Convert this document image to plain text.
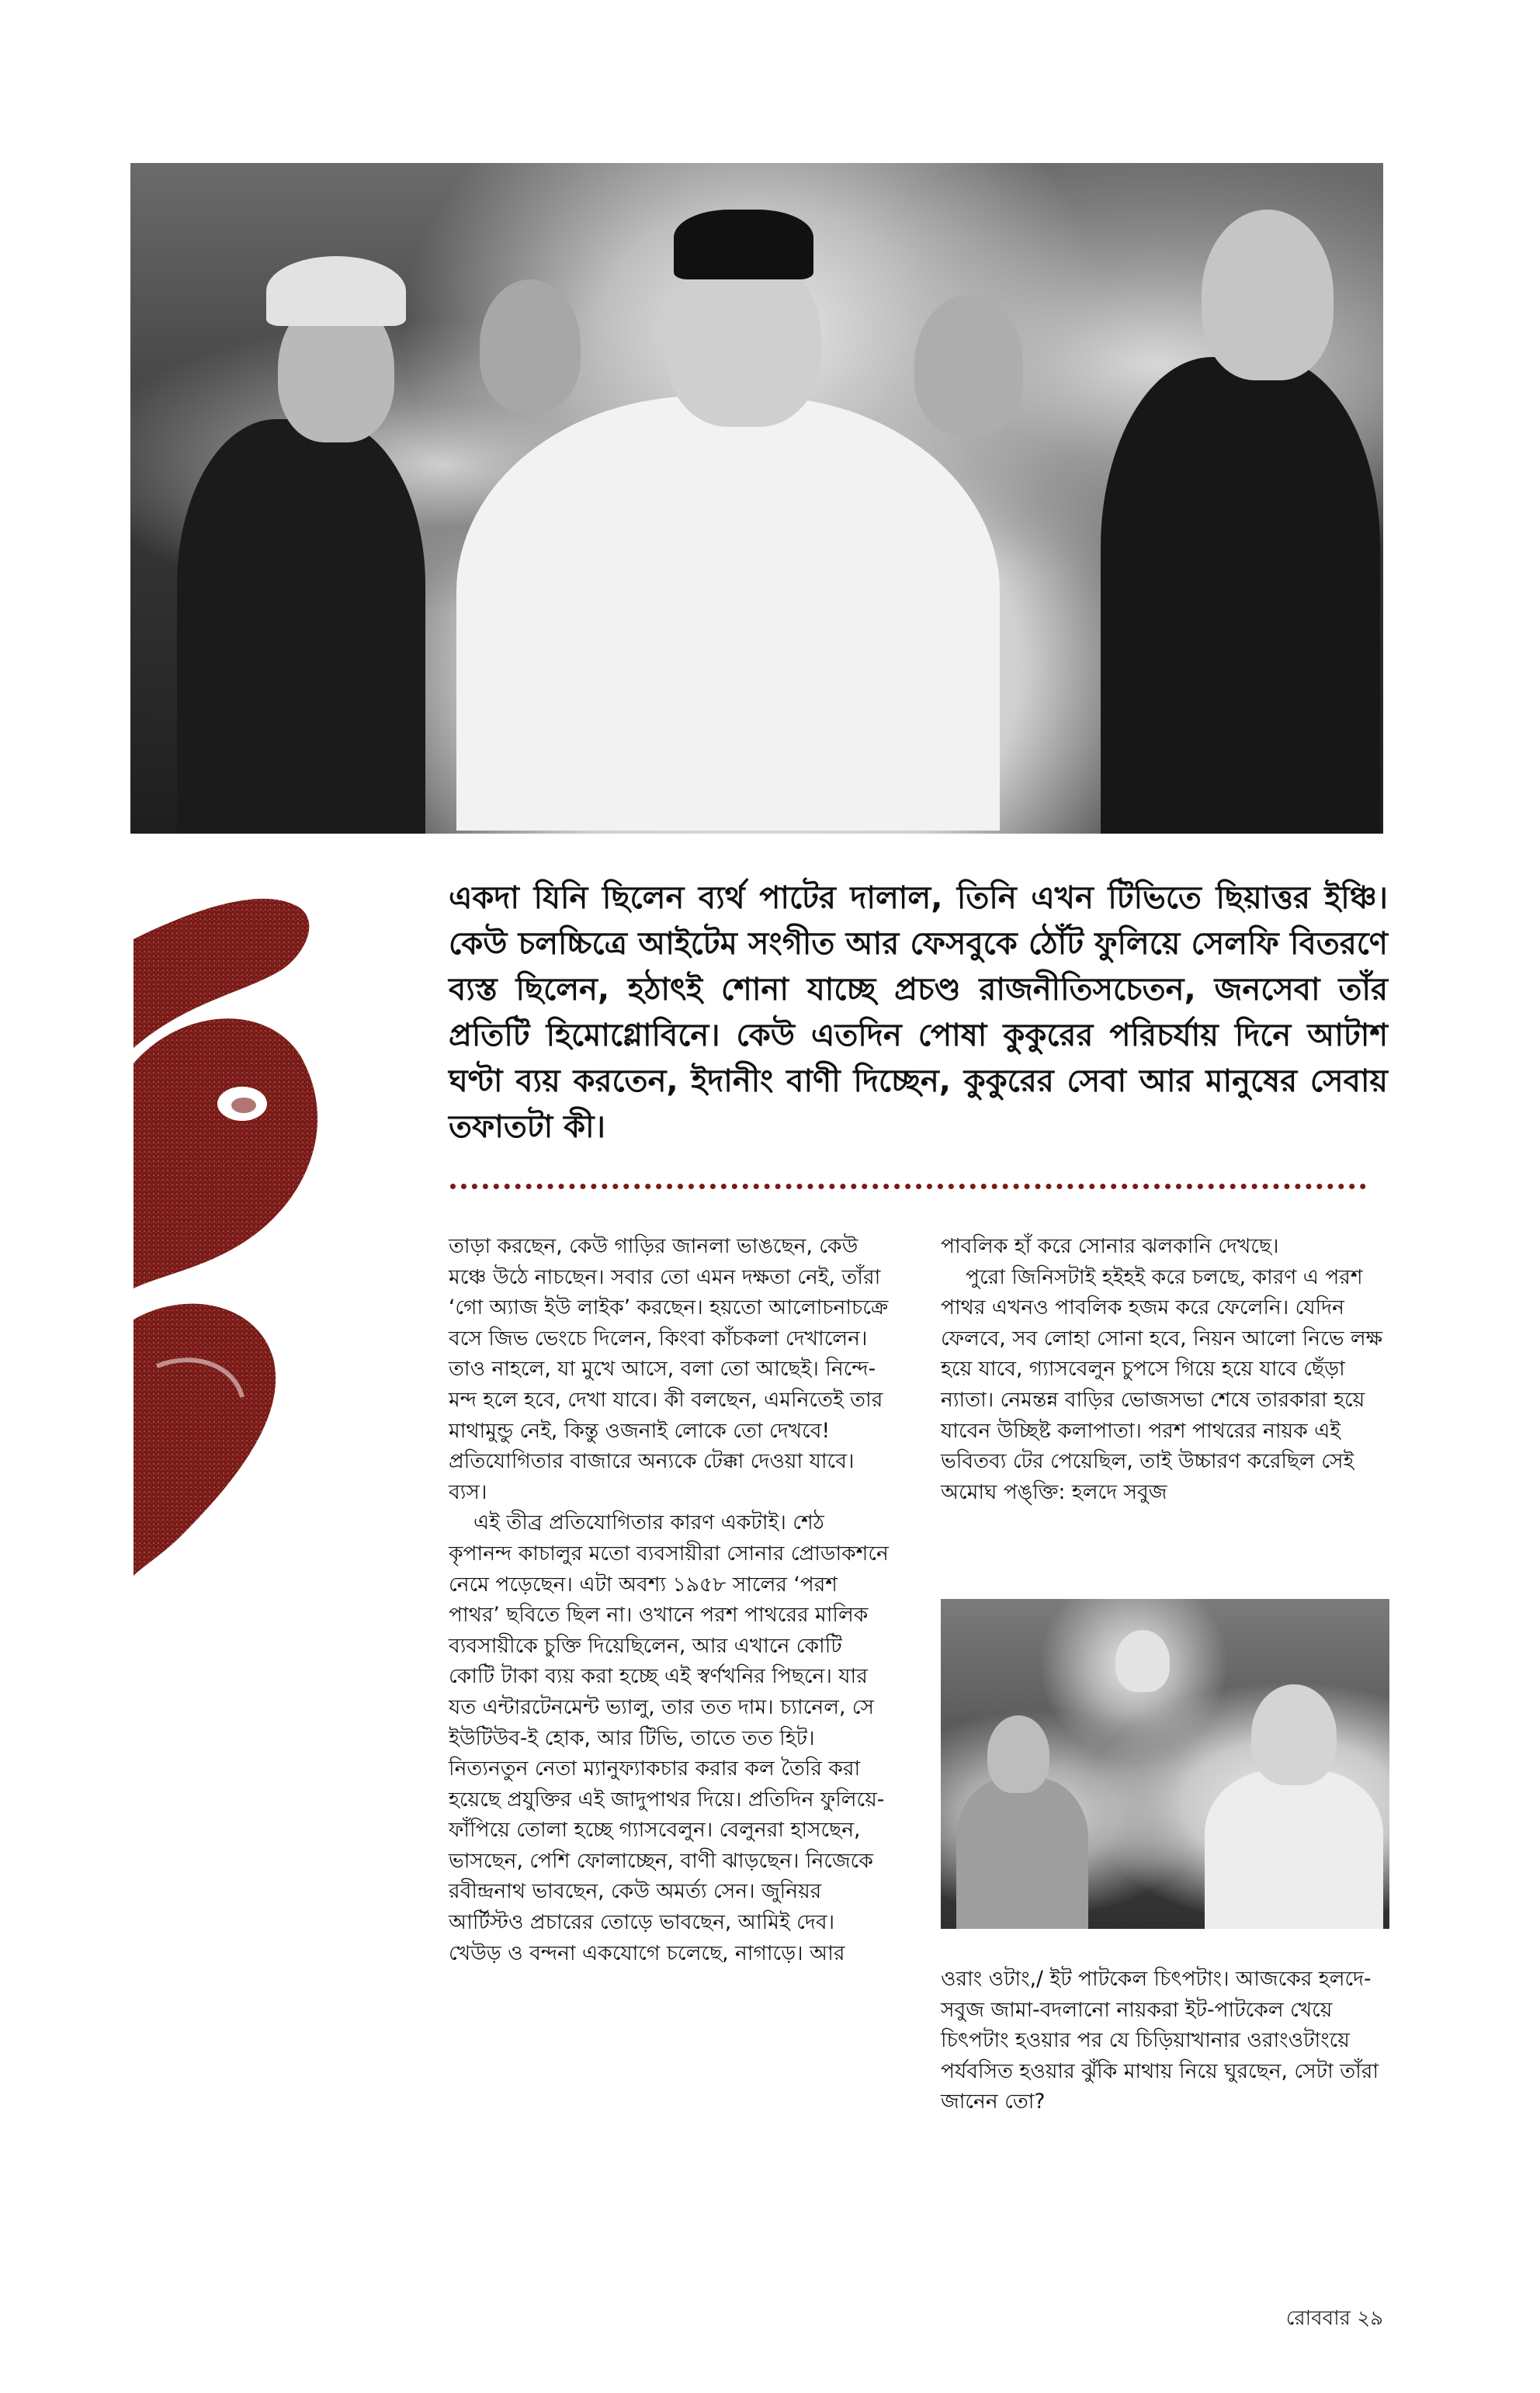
একদা যিনি ছিলেন ব্যর্থ পাটের দালাল, তিনি এখন টিভিতে ছিয়াত্তর ইঞ্চি। কেউ চলচ্চিত্রে আইটেম সংগীত আর ফেসবুকে ঠোঁট ফুলিয়ে সেলফি বিতরণে ব্যস্ত ছিলেন, হঠাৎই শোনা যাচ্ছে প্রচণ্ড রাজনীতিসচেতন, জনসেবা তাঁর প্রতিটি হিমোগ্লোবিনে। কেউ এতদিন পোষা কুকুরের পরিচর্যায় দিনে আটাশ ঘণ্টা ব্যয় করতেন, ইদানীং বাণী দিচ্ছেন, কুকুরের সেবা আর মানুষের সেবায় তফাতটা কী।

তাড়া করছেন, কেউ গাড়ির জানলা ভাঙছেন, কেউ মঞ্চে উঠে নাচছেন। সবার তো এমন দক্ষতা নেই, তাঁরা ‘গো অ্যাজ ইউ লাইক’ করছেন। হয়তো আলোচনাচক্রে বসে জিভ ভেংচে দিলেন, কিংবা কাঁচকলা দেখালেন। তাও নাহলে, যা মুখে আসে, বলা তো আছেই। নিন্দে-মন্দ হলে হবে, দেখা যাবে। কী বলছেন, এমনিতেই তার মাথামুন্ডু নেই, কিন্তু ওজনাই লোকে তো দেখবে! প্রতিযোগিতার বাজারে অন্যকে টেক্কা দেওয়া যাবে। ব্যস।

এই তীব্র প্রতিযোগিতার কারণ একটাই। শেঠ কৃপানন্দ কাচালুর মতো ব্যবসায়ীরা সোনার প্রোডাকশনে নেমে পড়েছেন। এটা অবশ্য ১৯৫৮ সালের ‘পরশ পাথর’ ছবিতে ছিল না। ওখানে পরশ পাথরের মালিক ব্যবসায়ীকে চুক্তি দিয়েছিলেন, আর এখানে কোটি কোটি টাকা ব্যয় করা হচ্ছে এই স্বর্ণখনির পিছনে। যার যত এন্টারটেনমেন্ট ভ্যালু, তার তত দাম। চ্যানেল, সে ইউটিউব-ই হোক, আর টিভি, তাতে তত হিট। নিত্যনতুন নেতা ম্যানুফ্যাকচার করার কল তৈরি করা হয়েছে প্রযুক্তির এই জাদুপাথর দিয়ে। প্রতিদিন ফুলিয়ে-ফাঁপিয়ে তোলা হচ্ছে গ্যাসবেলুন। বেলুনরা হাসছেন, ভাসছেন, পেশি ফোলাচ্ছেন, বাণী ঝাড়ছেন। নিজেকে রবীন্দ্রনাথ ভাবছেন, কেউ অমর্ত্য সেন। জুনিয়র আর্টিস্টও প্রচারের তোড়ে ভাবছেন, আমিই দেব। খেউড় ও বন্দনা একযোগে চলেছে, নাগাড়ে। আর

পাবলিক হাঁ করে সোনার ঝলকানি দেখছে।

পুরো জিনিসটাই হইহই করে চলছে, কারণ এ পরশ পাথর এখনও পাবলিক হজম করে ফেলেনি। যেদিন ফেলবে, সব লোহা সোনা হবে, নিয়ন আলো নিভে লক্ষ হয়ে যাবে, গ্যাসবেলুন চুপসে গিয়ে হয়ে যাবে ছেঁড়া ন্যাতা। নেমন্তন্ন বাড়ির ভোজসভা শেষে তারকারা হয়ে যাবেন উচ্ছিষ্ট কলাপাতা। পরশ পাথরের নায়ক এই ভবিতব্য টের পেয়েছিল, তাই উচ্চারণ করেছিল সেই অমোঘ পঙ্‌ক্তি: হলদে সবুজ

ওরাং ওটাং,/ ইট পাটকেল চিৎপটাং। আজকের হলদে-সবুজ জামা-বদলানো নায়করা ইট-পাটকেল খেয়ে চিৎপটাং হওয়ার পর যে চিড়িয়াখানার ওরাংওটাংয়ে পর্যবসিত হওয়ার ঝুঁকি মাথায় নিয়ে ঘুরছেন, সেটা তাঁরা জানেন তো?

রোববার ২৯
